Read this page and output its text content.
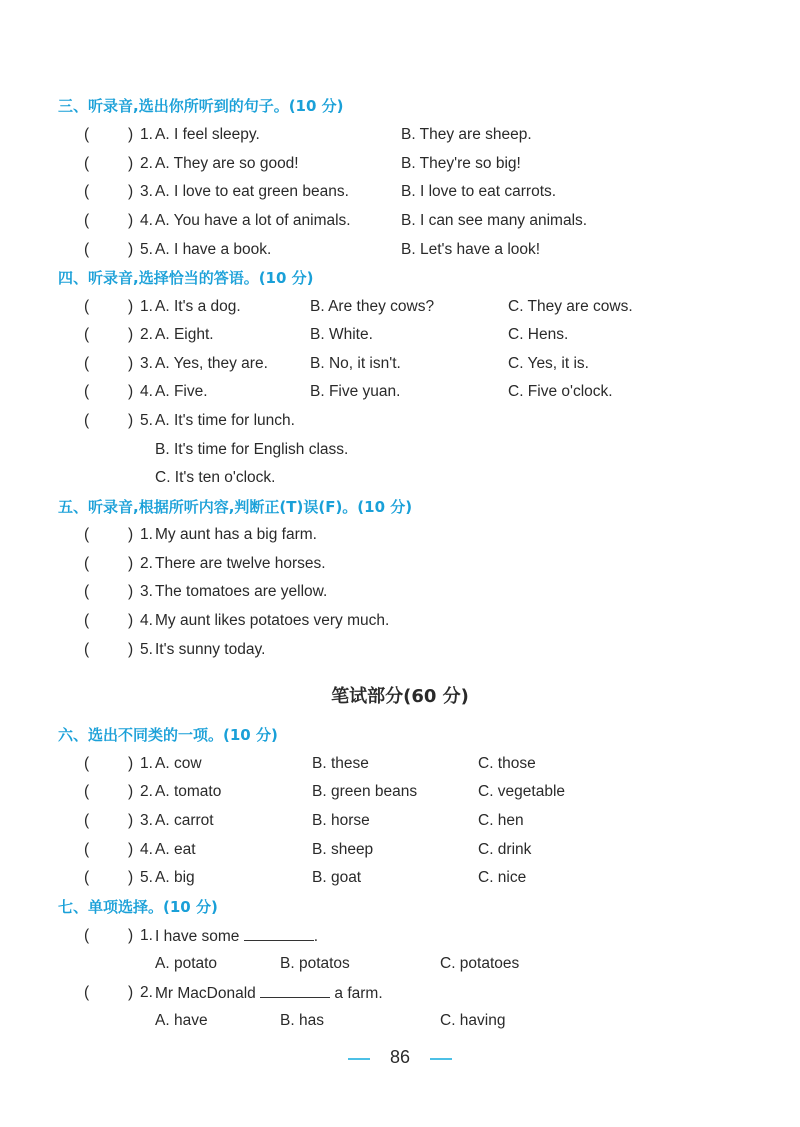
三、听录音,选出你所听到的句子。(10 分)
(	) 1. A. I feel sleepy.	B. They are sheep.
(	) 2. A. They are so good!	B. They're so big!
(	) 3. A. I love to eat green beans.	B. I love to eat carrots.
(	) 4. A. You have a lot of animals.	B. I can see many animals.
(	) 5. A. I have a book.	B. Let's have a look!
四、听录音,选择恰当的答语。(10 分)
(	) 1. A. It's a dog.	B. Are they cows?	C. They are cows.
(	) 2. A. Eight.	B. White.	C. Hens.
(	) 3. A. Yes, they are.	B. No, it isn't.	C. Yes, it is.
(	) 4. A. Five.	B. Five yuan.	C. Five o'clock.
(	) 5. A. It's time for lunch.
B. It's time for English class.
C. It's ten o'clock.
五、听录音,根据所听内容,判断正(T)误(F)。(10 分)
(	) 1. My aunt has a big farm.
(	) 2. There are twelve horses.
(	) 3. The tomatoes are yellow.
(	) 4. My aunt likes potatoes very much.
(	) 5. It's sunny today.
笔试部分(60 分)
六、选出不同类的一项。(10 分)
(	) 1. A. cow	B. these	C. those
(	) 2. A. tomato	B. green beans	C. vegetable
(	) 3. A. carrot	B. horse	C. hen
(	) 4. A. eat	B. sheep	C. drink
(	) 5. A. big	B. goat	C. nice
七、单项选择。(10 分)
(	) 1. I have some	.
A. potato	B. potatos	C. potatoes
(	) 2. Mr MacDonald	a farm.
A. have	B. has	C. having
86
